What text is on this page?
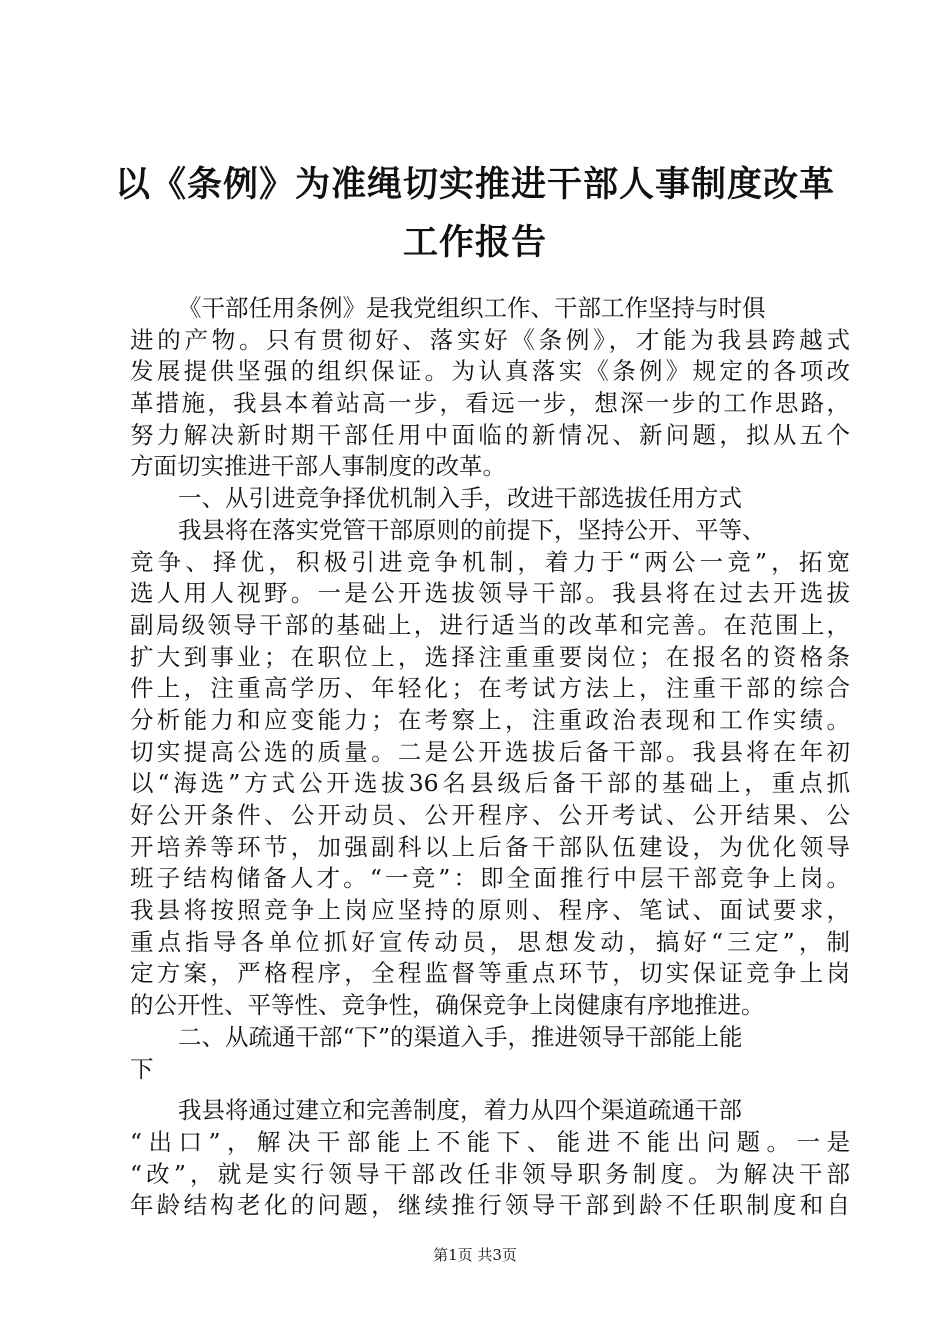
以《条例》为准绳切实推进干部人事制度改革
工作报告
《干部任用条例》是我党组织工作、干部工作坚持与时俱
进的产物。只有贯彻好、落实好《条例》，才能为我县跨越式
发展提供坚强的组织保证。为认真落实《条例》规定的各项改
革措施，我县本着站高一步，看远一步，想深一步的工作思路，
努力解决新时期干部任用中面临的新情况、新问题，拟从五个
方面切实推进干部人事制度的改革。
一、从引进竞争择优机制入手，改进干部选拔任用方式
我县将在落实党管干部原则的前提下，坚持公开、平等、
竞争、择优，积极引进竞争机制，着力于“两公一竞”，拓宽
选人用人视野。一是公开选拔领导干部。我县将在过去开选拔
副局级领导干部的基础上，进行适当的改革和完善。在范围上，
扩大到事业；在职位上，选择注重重要岗位；在报名的资格条
件上，注重高学历、年轻化；在考试方法上，注重干部的综合
分析能力和应变能力；在考察上，注重政治表现和工作实绩。
切实提高公选的质量。二是公开选拔后备干部。我县将在年初
以“海选”方式公开选拔36名县级后备干部的基础上，重点抓
好公开条件、公开动员、公开程序、公开考试、公开结果、公
开培养等环节，加强副科以上后备干部队伍建设，为优化领导
班子结构储备人才。“一竞”：即全面推行中层干部竞争上岗。
我县将按照竞争上岗应坚持的原则、程序、笔试、面试要求，
重点指导各单位抓好宣传动员，思想发动，搞好“三定”，制
定方案，严格程序，全程监督等重点环节，切实保证竞争上岗
的公开性、平等性、竞争性，确保竞争上岗健康有序地推进。
二、从疏通干部“下”的渠道入手，推进领导干部能上能
下
我县将通过建立和完善制度，着力从四个渠道疏通干部
“出口”，解决干部能上不能下、能进不能出问题。一是
“改”，就是实行领导干部改任非领导职务制度。为解决干部
年龄结构老化的问题，继续推行领导干部到龄不任职制度和自
第1页 共3页
